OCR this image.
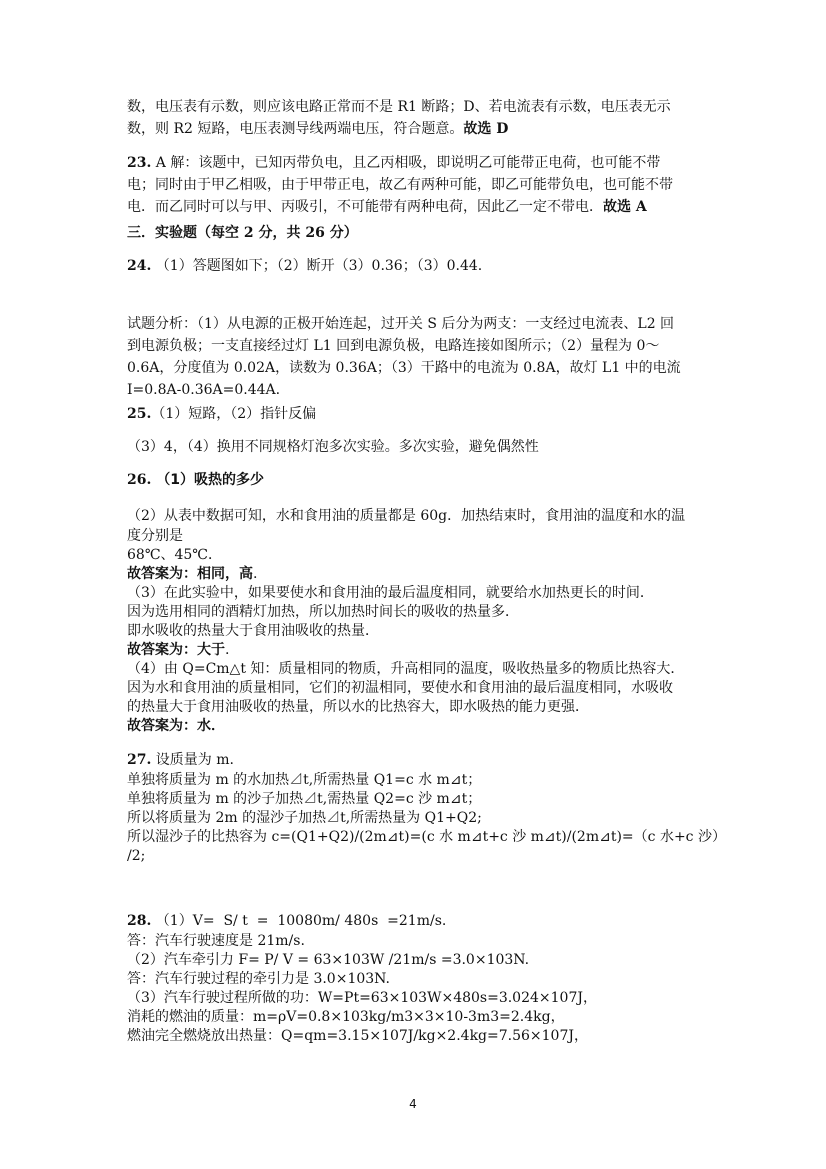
数，电压表有示数，则应该电路正常而不是 R1 断路；D、若电流表有示数，电压表无示
数，则 R2 短路，电压表测导线两端电压，符合题意。故选 D
23. A 解：该题中，已知丙带负电，且乙丙相吸，即说明乙可能带正电荷，也可能不带
电；同时由于甲乙相吸，由于甲带正电，故乙有两种可能，即乙可能带负电，也可能不带
电．而乙同时可以与甲、丙吸引，不可能带有两种电荷，因此乙一定不带电．故选 A
三．实验题（每空 2 分，共 26 分）
24. （1）答题图如下；（2）断开（3）0.36；（3）0.44.
试题分析：（1）从电源的正极开始连起，过开关 S 后分为两支：一支经过电流表、L2 回
到电源负极；一支直接经过灯 L1 回到电源负极，电路连接如图所示；（2）量程为 0～
0.6A，分度值为 0.02A，读数为 0.36A；（3）干路中的电流为 0.8A，故灯 L1 中的电流
I=0.8A-0.36A=0.44A.
25.（1）短路，（2）指针反偏
（3）4，（4）换用不同规格灯泡多次实验。多次实验，避免偶然性
26. （1）吸热的多少
（2）从表中数据可知，水和食用油的质量都是 60g．加热结束时，食用油的温度和水的温
度分别是
68℃、45℃．
故答案为：相同，高.
（3）在此实验中，如果要使水和食用油的最后温度相同，就要给水加热更长的时间．
因为选用相同的酒精灯加热，所以加热时间长的吸收的热量多．
即水吸收的热量大于食用油吸收的热量．
故答案为：大于.
（4）由 Q=Cm△t 知：质量相同的物质，升高相同的温度，吸收热量多的物质比热容大．
因为水和食用油的质量相同，它们的初温相同，要使水和食用油的最后温度相同，水吸收
的热量大于食用油吸收的热量，所以水的比热容大，即水吸热的能力更强．
故答案为：水．
27. 设质量为 m.
单独将质量为 m 的水加热⊿t,所需热量 Q1=c 水 m⊿t；
单独将质量为 m 的沙子加热⊿t,需热量 Q2=c 沙 m⊿t；
所以将质量为 2m 的湿沙子加热⊿t,所需热量为 Q1+Q2;
所以湿沙子的比热容为 c=(Q1+Q2)/(2m⊿t)=(c 水 m⊿t+c 沙 m⊿t)/(2m⊿t)=（c 水+c 沙）
/2;
28. （1）V=  S/ t  =  10080m/ 480s  =21m/s.
答：汽车行驶速度是 21m/s.
（2）汽车牵引力 F= P/ V = 63×103W /21m/s =3.0×103N.
答：汽车行驶过程的牵引力是 3.0×103N.
（3）汽车行驶过程所做的功：W=Pt=63×103W×480s=3.024×107J，
消耗的燃油的质量：m=ρV=0.8×103kg/m3×3×10-3m3=2.4kg，
燃油完全燃烧放出热量：Q=qm=3.15×107J/kg×2.4kg=7.56×107J，
4
